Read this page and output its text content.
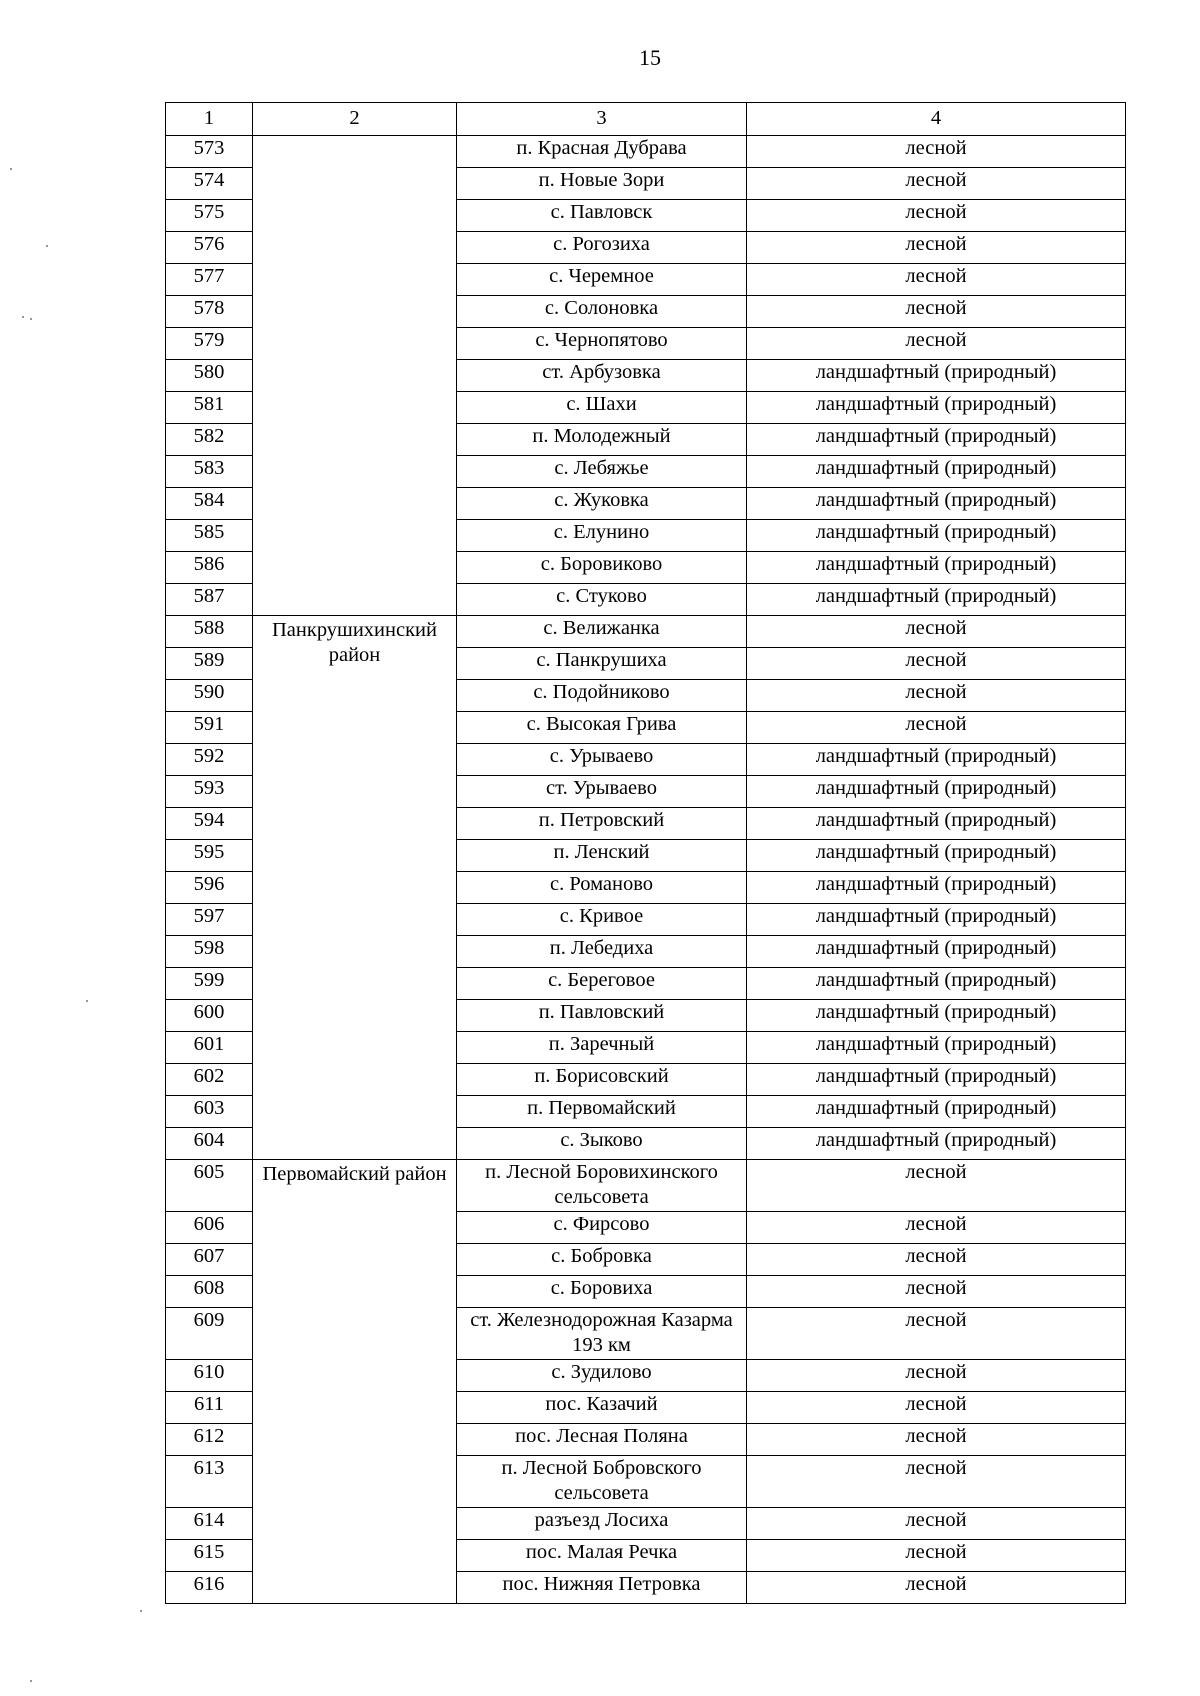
15
1	2	3	4
573		п. Красная Дубрава	лесной
574		п. Новые Зори	лесной
575		с. Павловск	лесной
576		с. Рогозиха	лесной
577		с. Черемное	лесной
578		с. Солоновка	лесной
579		с. Чернопятово	лесной
580		ст. Арбузовка	ландшафтный (природный)
581		с. Шахи	ландшафтный (природный)
582		п. Молодежный	ландшафтный (природный)
583		с. Лебяжье	ландшафтный (природный)
584		с. Жуковка	ландшафтный (природный)
585		с. Елунино	ландшафтный (природный)
586		с. Боровиково	ландшафтный (природный)
587		с. Стуково	ландшафтный (природный)
588	Панкрушихинский район	с. Велижанка	лесной
589		с. Панкрушиха	лесной
590		с. Подойниково	лесной
591		с. Высокая Грива	лесной
592		с. Урываево	ландшафтный (природный)
593		ст. Урываево	ландшафтный (природный)
594		п. Петровский	ландшафтный (природный)
595		п. Ленский	ландшафтный (природный)
596		с. Романово	ландшафтный (природный)
597		с. Кривое	ландшафтный (природный)
598		п. Лебедиха	ландшафтный (природный)
599		с. Береговое	ландшафтный (природный)
600		п. Павловский	ландшафтный (природный)
601		п. Заречный	ландшафтный (природный)
602		п. Борисовский	ландшафтный (природный)
603		п. Первомайский	ландшафтный (природный)
604		с. Зыково	ландшафтный (природный)
605	Первомайский район	п. Лесной Боровихинского сельсовета	лесной
606		с. Фирсово	лесной
607		с. Бобровка	лесной
608		с. Боровиха	лесной
609		ст. Железнодорожная Казарма 193 км	лесной
610		с. Зудилово	лесной
611		пос. Казачий	лесной
612		пос. Лесная Поляна	лесной
613		п. Лесной Бобровского сельсовета	лесной
614		разъезд Лосиха	лесной
615		пос. Малая Речка	лесной
616		пос. Нижняя Петровка	лесной
